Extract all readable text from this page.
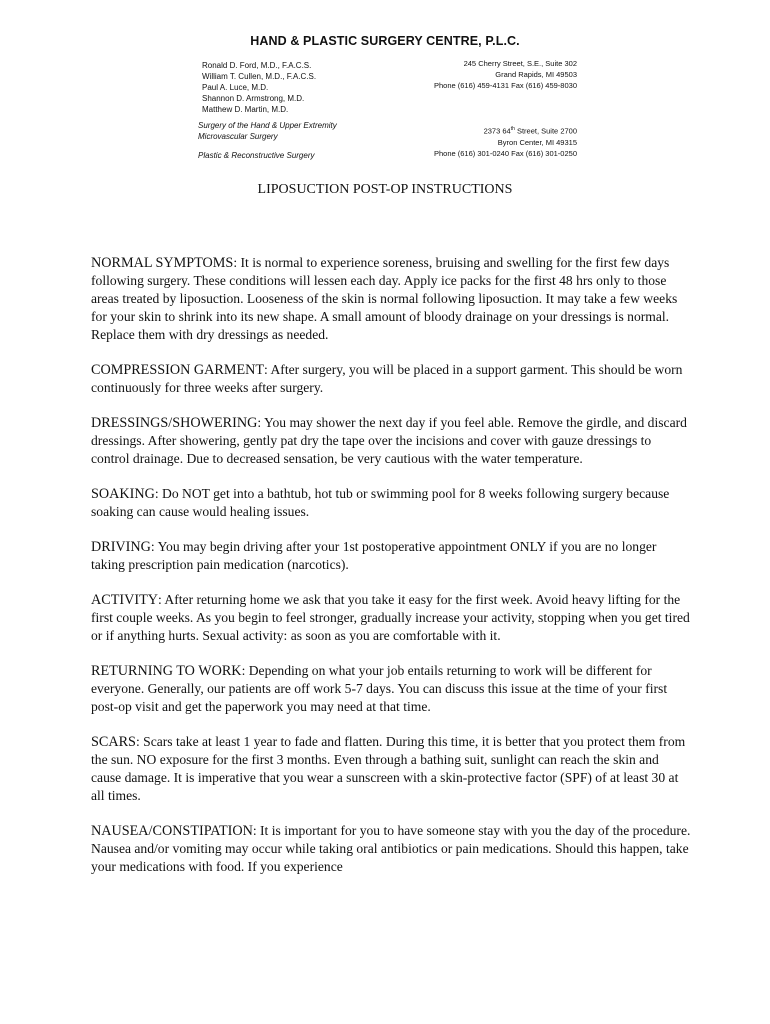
HAND & PLASTIC SURGERY CENTRE, P.L.C.
Ronald D. Ford, M.D., F.A.C.S.
William T. Cullen, M.D., F.A.C.S.
Paul A. Luce, M.D.
Shannon D. Armstrong, M.D.
Matthew D. Martin, M.D.
Surgery of the Hand & Upper Extremity
Microvascular Surgery
Plastic & Reconstructive Surgery
245 Cherry Street, S.E., Suite 302
Grand Rapids, MI 49503
Phone (616) 459-4131 Fax (616) 459-8030
2373 64th Street, Suite 2700
Byron Center, MI 49315
Phone (616) 301-0240 Fax (616) 301-0250
LIPOSUCTION POST-OP INSTRUCTIONS

NORMAL SYMPTOMS: It is normal to experience soreness, bruising and swelling for the first few days following surgery. These conditions will lessen each day. Apply ice packs for the first 48 hrs only to those areas treated by liposuction. Looseness of the skin is normal following liposuction. It may take a few weeks for your skin to shrink into its new shape. A small amount of bloody drainage on your dressings is normal. Replace them with dry dressings as needed.

COMPRESSION GARMENT: After surgery, you will be placed in a support garment. This should be worn continuously for three weeks after surgery.

DRESSINGS/SHOWERING: You may shower the next day if you feel able. Remove the girdle, and discard dressings. After showering, gently pat dry the tape over the incisions and cover with gauze dressings to control drainage. Due to decreased sensation, be very cautious with the water temperature.

SOAKING: Do NOT get into a bathtub, hot tub or swimming pool for 8 weeks following surgery because soaking can cause would healing issues.

DRIVING: You may begin driving after your 1st postoperative appointment ONLY if you are no longer taking prescription pain medication (narcotics).

ACTIVITY: After returning home we ask that you take it easy for the first week. Avoid heavy lifting for the first couple weeks. As you begin to feel stronger, gradually increase your activity, stopping when you get tired or if anything hurts. Sexual activity: as soon as you are comfortable with it.

RETURNING TO WORK: Depending on what your job entails returning to work will be different for everyone. Generally, our patients are off work 5-7 days. You can discuss this issue at the time of your first post-op visit and get the paperwork you may need at that time.

SCARS: Scars take at least 1 year to fade and flatten. During this time, it is better that you protect them from the sun. NO exposure for the first 3 months. Even through a bathing suit, sunlight can reach the skin and cause damage. It is imperative that you wear a sunscreen with a skin-protective factor (SPF) of at least 30 at all times.

NAUSEA/CONSTIPATION: It is important for you to have someone stay with you the day of the procedure. Nausea and/or vomiting may occur while taking oral antibiotics or pain medications. Should this happen, take your medications with food. If you experience
